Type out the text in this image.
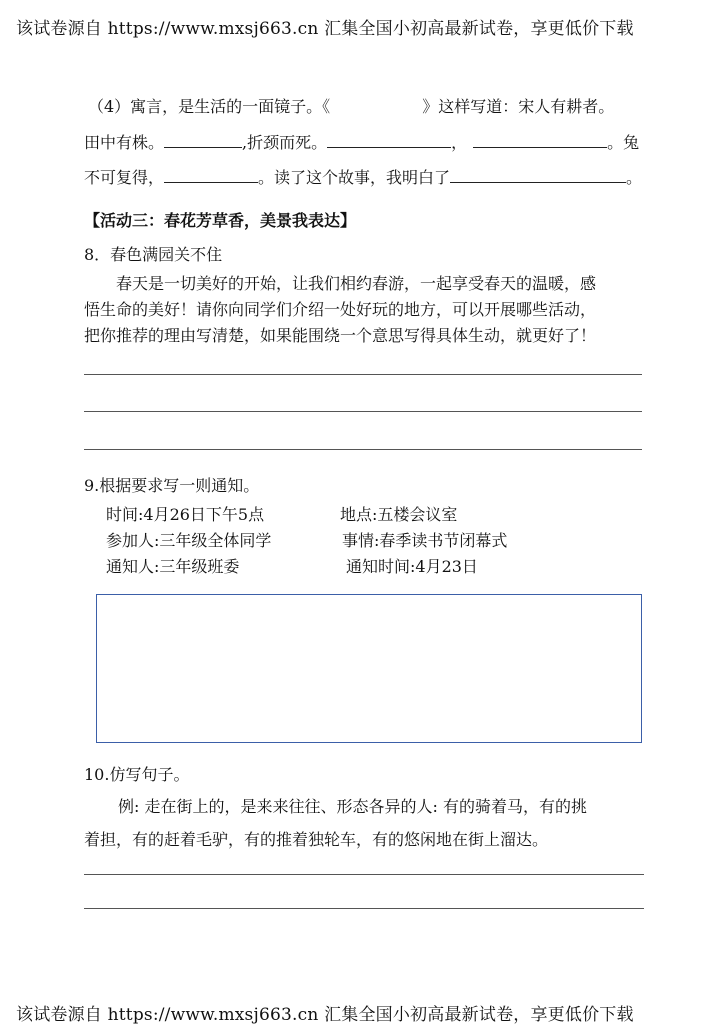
该试卷源自 https://www.mxsj663.cn 汇集全国小初高最新试卷，享更低价下载
（4）寓言，是生活的一面镜子。《	》这样写道：宋人有耕者。
田中有株。	,折颈而死。	，	。兔
不可复得，	。读了这个故事，我明白了	。
【活动三：春花芳草香，美景我表达】
8．春色满园关不住
春天是一切美好的开始，让我们相约春游，一起享受春天的温暖，感
悟生命的美好！请你向同学们介绍一处好玩的地方，可以开展哪些活动，
把你推荐的理由写清楚，如果能围绕一个意思写得具体生动，就更好了！
9.根据要求写一则通知。
时间:4月26日下午5点	地点:五楼会议室
参加人:三年级全体同学	事情:春季读书节闭幕式
通知人:三年级班委	通知时间:4月23日
10.仿写句子。
例: 走在街上的，是来来往往、形态各异的人: 有的骑着马，有的挑
着担，有的赶着毛驴，有的推着独轮车，有的悠闲地在街上溜达。
该试卷源自 https://www.mxsj663.cn 汇集全国小初高最新试卷，享更低价下载
